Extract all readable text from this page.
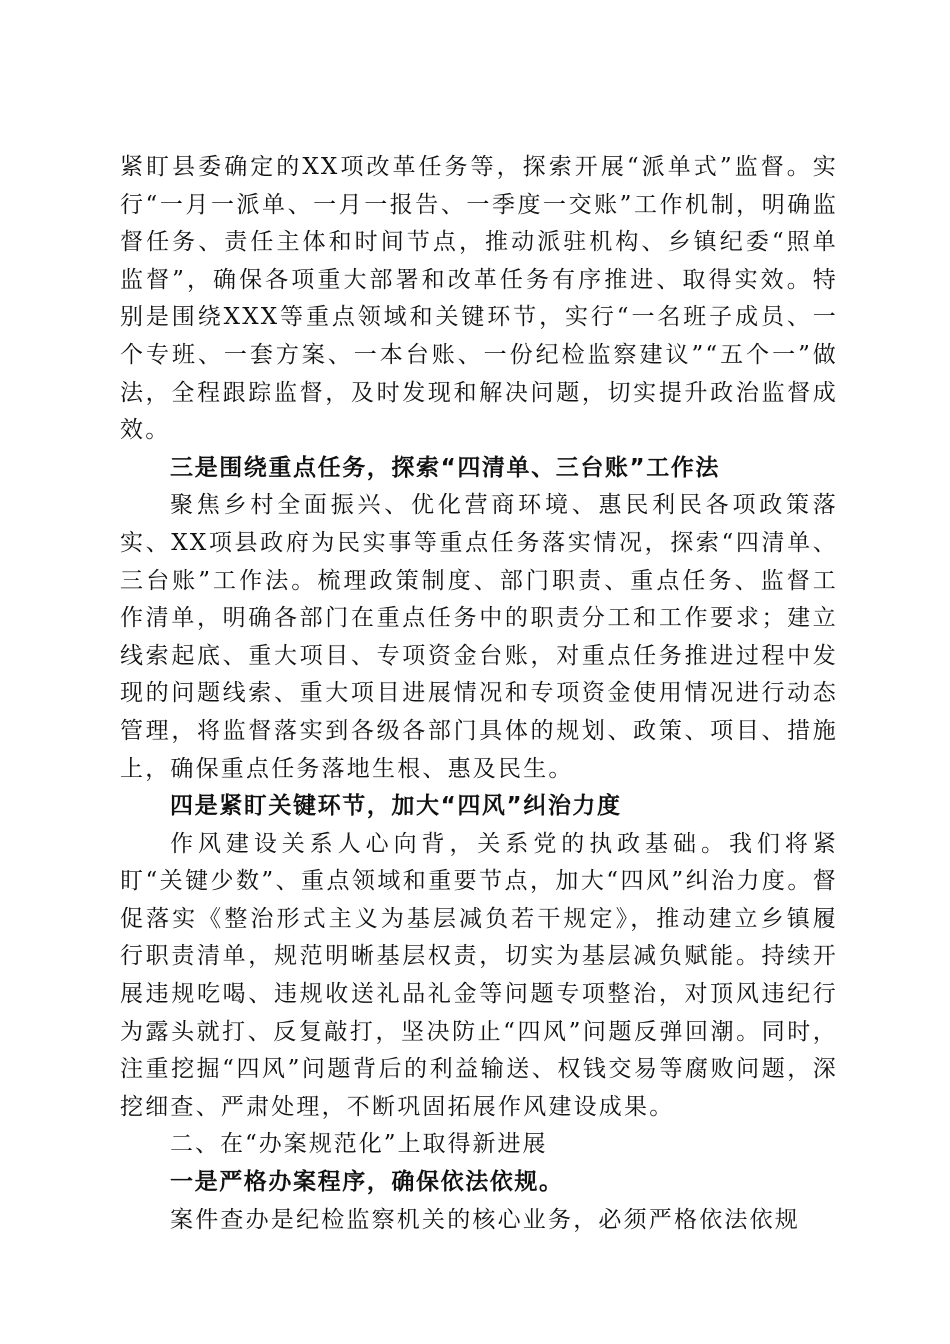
紧盯县委确定的XX项改革任务等，探索开展“派单式”监督。实行“一月一派单、一月一报告、一季度一交账”工作机制，明确监督任务、责任主体和时间节点，推动派驻机构、乡镇纪委“照单监督”，确保各项重大部署和改革任务有序推进、取得实效。特别是围绕XXX等重点领域和关键环节，实行“一名班子成员、一个专班、一套方案、一本台账、一份纪检监察建议”“五个一”做法，全程跟踪监督，及时发现和解决问题，切实提升政治监督成效。

三是围绕重点任务，探索“四清单、三台账”工作法

聚焦乡村全面振兴、优化营商环境、惠民利民各项政策落实、XX项县政府为民实事等重点任务落实情况，探索“四清单、三台账”工作法。梳理政策制度、部门职责、重点任务、监督工作清单，明确各部门在重点任务中的职责分工和工作要求；建立线索起底、重大项目、专项资金台账，对重点任务推进过程中发现的问题线索、重大项目进展情况和专项资金使用情况进行动态管理，将监督落实到各级各部门具体的规划、政策、项目、措施上，确保重点任务落地生根、惠及民生。

四是紧盯关键环节，加大“四风”纠治力度

作风建设关系人心向背，关系党的执政基础。我们将紧盯“关键少数”、重点领域和重要节点，加大“四风”纠治力度。督促落实《整治形式主义为基层减负若干规定》，推动建立乡镇履行职责清单，规范明晰基层权责，切实为基层减负赋能。持续开展违规吃喝、违规收送礼品礼金等问题专项整治，对顶风违纪行为露头就打、反复敲打，坚决防止“四风”问题反弹回潮。同时，注重挖掘“四风”问题背后的利益输送、权钱交易等腐败问题，深挖细查、严肃处理，不断巩固拓展作风建设成果。

二、在“办案规范化”上取得新进展

一是严格办案程序，确保依法依规。

案件查办是纪检监察机关的核心业务，必须严格依法依规
